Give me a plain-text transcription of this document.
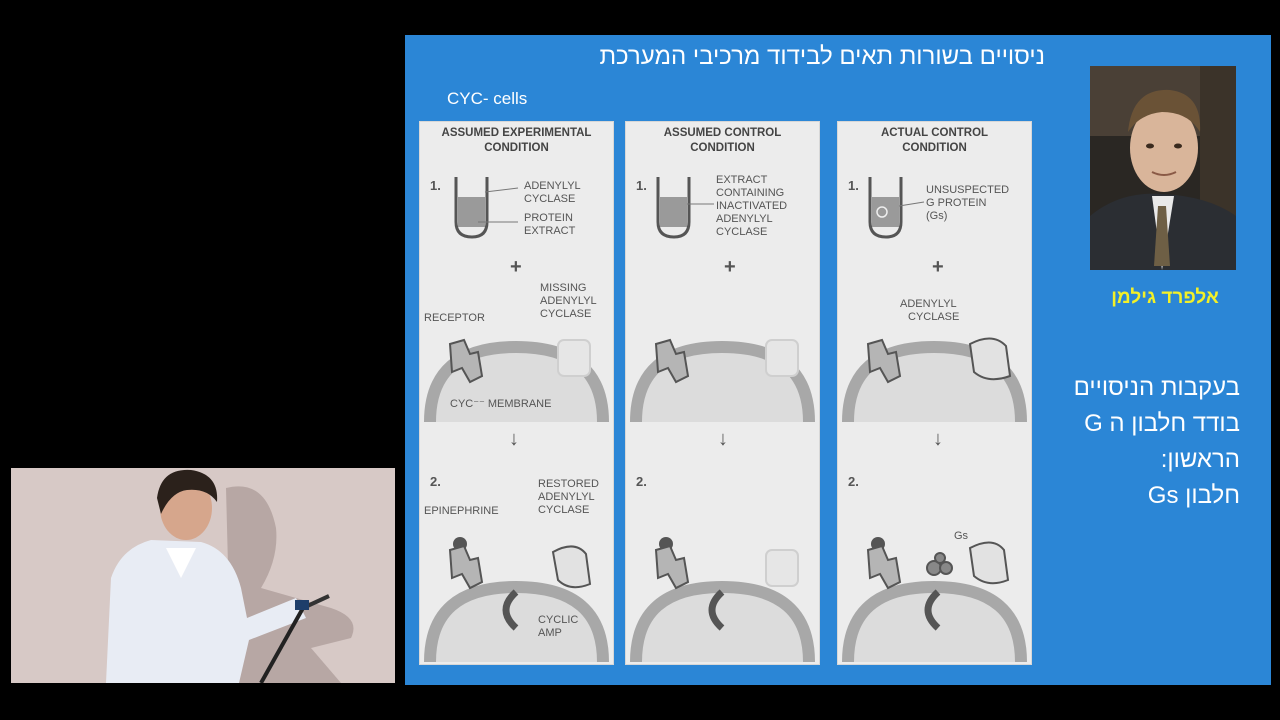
ניסויים בשורות תאים לבידוד מרכיבי המערכת
CYC- cells
ASSUMED EXPERIMENTAL
CONDITION
1.	ADENYLYL
CYCLASE
PROTEIN
EXTRACT
+
MISSING
ADENYLYL
CYCLASE
RECEPTOR
CYC⁻⁻ MEMBRANE
↓
2.
EPINEPHRINE
RESTORED
ADENYLYL
CYCLASE
CYCLIC
AMP
ASSUMED CONTROL
CONDITION
1.	EXTRACT
CONTAINING
INACTIVATED
ADENYLYL
CYCLASE
+
↓
2.
ACTUAL CONTROL
CONDITION
1.	UNSUSPECTED
G PROTEIN
(Gs)
+
ADENYLYL
CYCLASE
↓
2.
Gs
אלפרד גילמן
בעקבות הניסויים
בודד חלבון ה G
הראשון:
חלבון Gs
